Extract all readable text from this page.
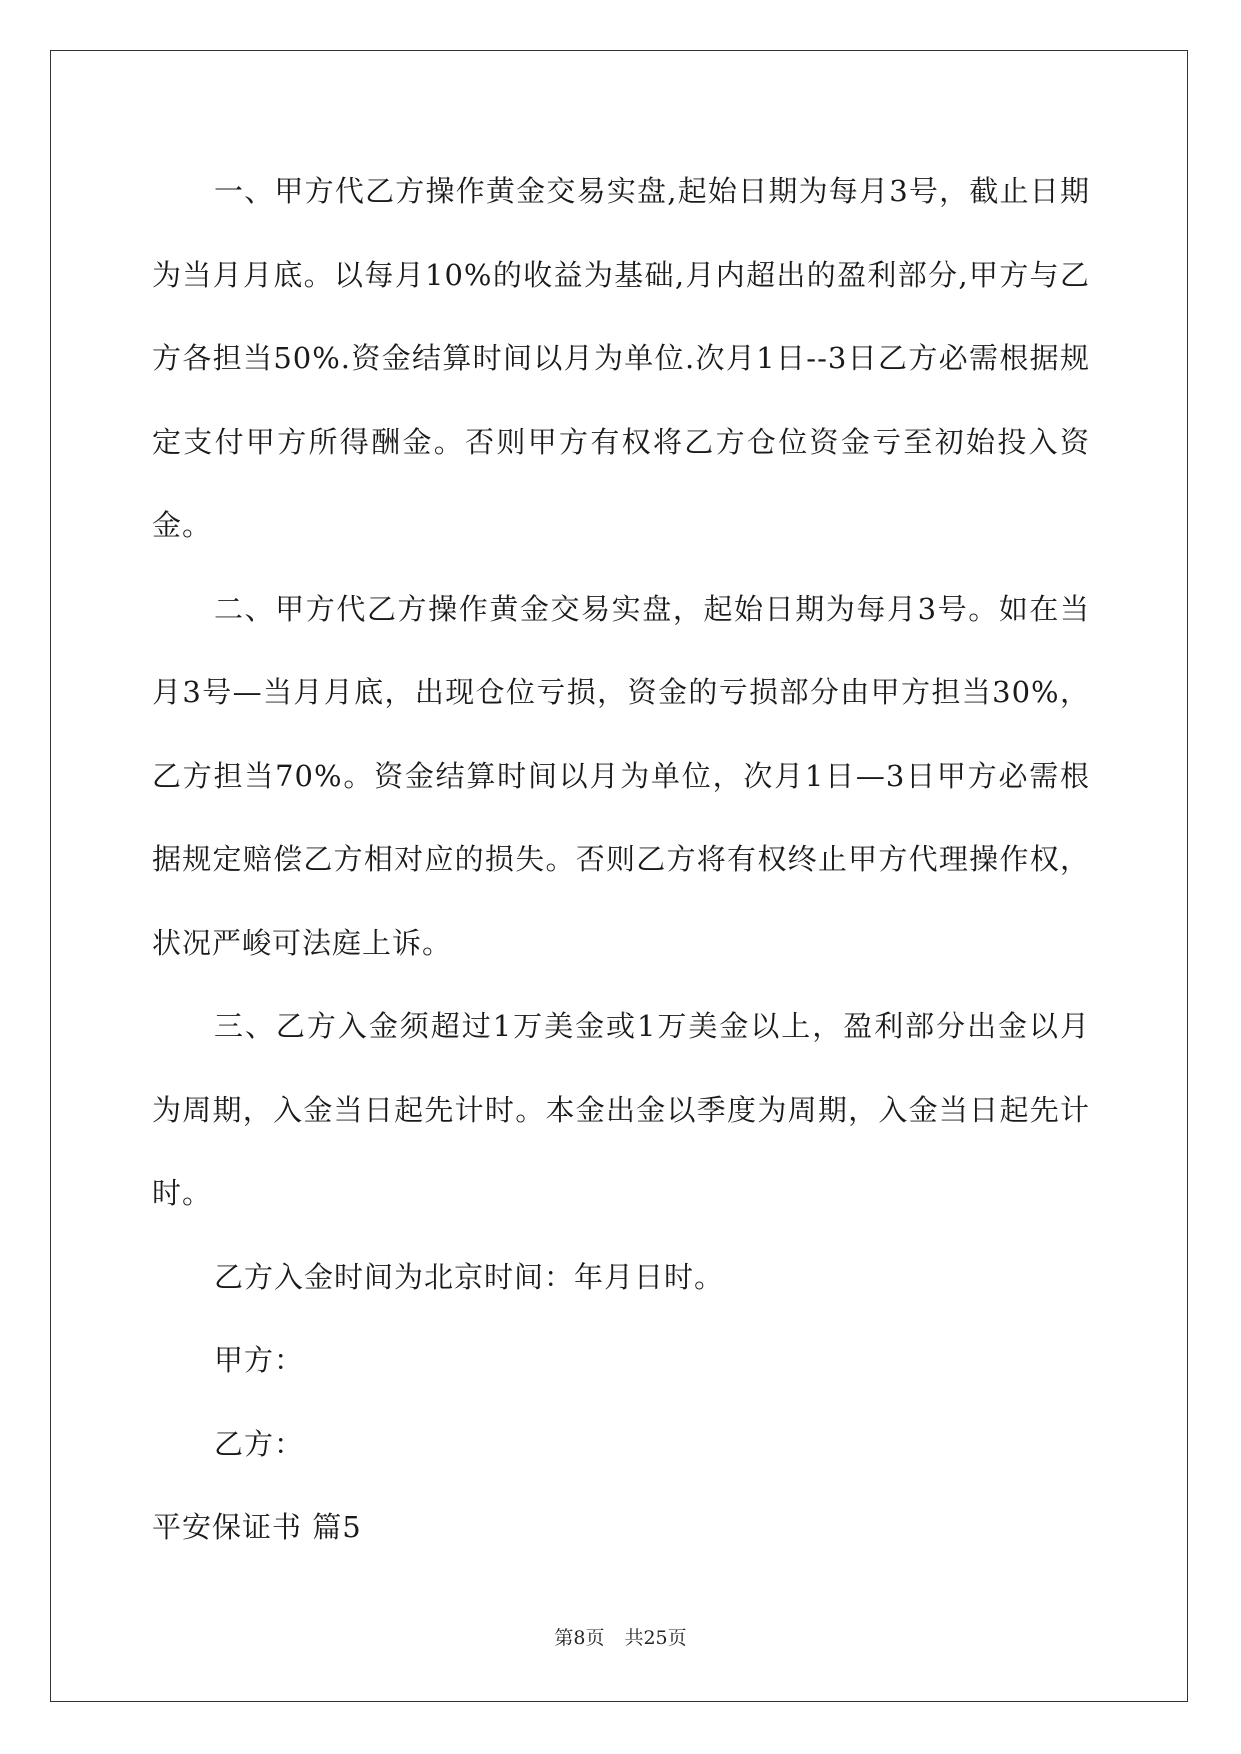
一、甲方代乙方操作黄金交易实盘,起始日期为每月3号，截止日期为当月月底。以每月10%的收益为基础,月内超出的盈利部分,甲方与乙方各担当50%.资金结算时间以月为单位.次月1日--3日乙方必需根据规定支付甲方所得酬金。否则甲方有权将乙方仓位资金亏至初始投入资金。

二、甲方代乙方操作黄金交易实盘，起始日期为每月3号。如在当月3号—当月月底，出现仓位亏损，资金的亏损部分由甲方担当30%，乙方担当70%。资金结算时间以月为单位，次月1日—3日甲方必需根据规定赔偿乙方相对应的损失。否则乙方将有权终止甲方代理操作权，状况严峻可法庭上诉。

三、乙方入金须超过1万美金或1万美金以上，盈利部分出金以月为周期，入金当日起先计时。本金出金以季度为周期，入金当日起先计时。

乙方入金时间为北京时间：年月日时。

甲方：

乙方：

平安保证书 篇5

第8页 共25页
